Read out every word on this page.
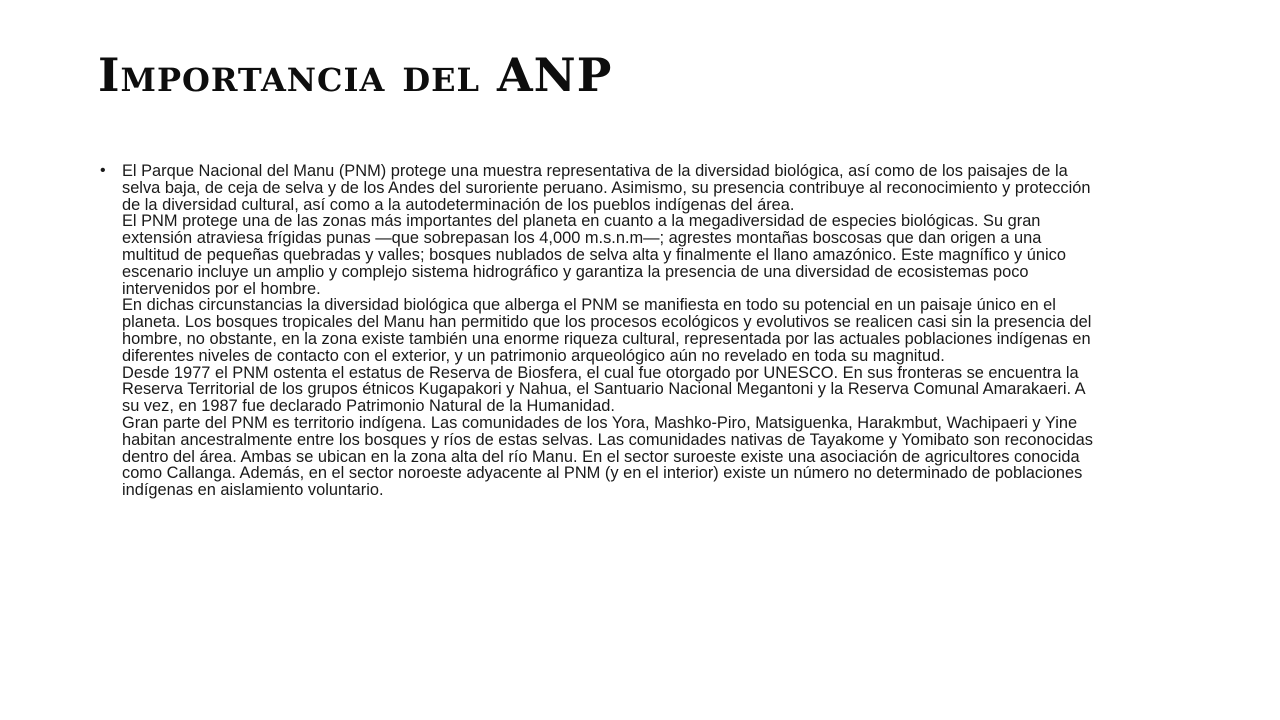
Importancia del ANP
• El Parque Nacional del Manu (PNM) protege una muestra representativa de la diversidad biológica, así como de los paisajes de la selva baja, de ceja de selva y de los Andes del suroriente peruano. Asimismo, su presencia contribuye al reconocimiento y protección de la diversidad cultural, así como a la autodeterminación de los pueblos indígenas del área.

El PNM protege una de las zonas más importantes del planeta en cuanto a la megadiversidad de especies biológicas. Su gran extensión atraviesa frígidas punas —que sobrepasan los 4,000 m.s.n.m—; agrestes montañas boscosas que dan origen a una multitud de pequeñas quebradas y valles; bosques nublados de selva alta y finalmente el llano amazónico. Este magnífico y único escenario incluye un amplio y complejo sistema hidrográfico y garantiza la presencia de una diversidad de ecosistemas poco intervenidos por el hombre.

En dichas circunstancias la diversidad biológica que alberga el PNM se manifiesta en todo su potencial en un paisaje único en el planeta. Los bosques tropicales del Manu han permitido que los procesos ecológicos y evolutivos se realicen casi sin la presencia del hombre, no obstante, en la zona existe también una enorme riqueza cultural, representada por las actuales poblaciones indígenas en diferentes niveles de contacto con el exterior, y un patrimonio arqueológico aún no revelado en toda su magnitud.

Desde 1977 el PNM ostenta el estatus de Reserva de Biosfera, el cual fue otorgado por UNESCO. En sus fronteras se encuentra la Reserva Territorial de los grupos étnicos Kugapakori y Nahua, el Santuario Nacional Megantoni y la Reserva Comunal Amarakaeri. A su vez, en 1987 fue declarado Patrimonio Natural de la Humanidad.

Gran parte del PNM es territorio indígena. Las comunidades de los Yora, Mashko-Piro, Matsiguenka, Harakmbut, Wachipaeri y Yine habitan ancestralmente entre los bosques y ríos de estas selvas. Las comunidades nativas de Tayakome y Yomibato son reconocidas dentro del área. Ambas se ubican en la zona alta del río Manu. En el sector suroeste existe una asociación de agricultores conocida como Callanga. Además, en el sector noroeste adyacente al PNM (y en el interior) existe un número no determinado de poblaciones indígenas en aislamiento voluntario.
